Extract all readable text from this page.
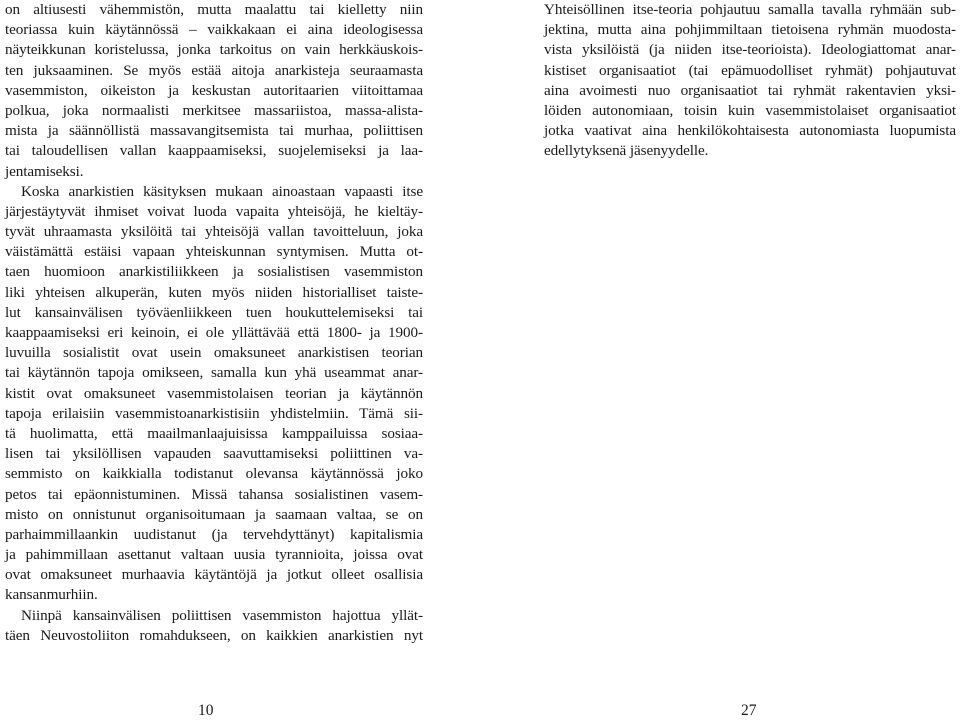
on altiusesti vähemmistön, mutta maalattu tai kielletty niin
teoriassa kuin käytännössä – vaikkakaan ei aina ideologisessa
näyteikkunan koristelussa, jonka tarkoitus on vain herkkäuskois-
ten juksaaminen. Se myös estää aitoja anarkisteja seuraamasta
vasemmiston, oikeiston ja keskustan autoritaarien viitoittamaa
polkua, joka normaalisti merkitsee massariistoa, massa-alista-
mista ja säännöllistä massavangitsemista tai murhaa, poliittisen
tai taloudellisen vallan kaappaamiseksi, suojelemiseksi ja laa-
jentamiseksi.
Koska anarkistien käsityksen mukaan ainoastaan vapaasti itse
järjestäytyvät ihmiset voivat luoda vapaita yhteisöjä, he kieltäy-
tyvät uhraamasta yksilöitä tai yhteisöjä vallan tavoitteluun, joka
väistämättä estäisi vapaan yhteiskunnan syntymisen. Mutta ot-
taen huomioon anarkistiliikkeen ja sosialistisen vasemmiston
liki yhteisen alkuperän, kuten myös niiden historialliset taiste-
lut kansainvälisen työväenliikkeen tuen houkuttelemiseksi tai
kaappaamiseksi eri keinoin, ei ole yllättävää että 1800- ja 1900-
luvuilla sosialistit ovat usein omaksuneet anarkistisen teorian
tai käytännön tapoja omikseen, samalla kun yhä useammat anar-
kistit ovat omaksuneet vasemmistolaisen teorian ja käytännön
tapoja erilaisiin vasemmistoanarkistisiin yhdistelmiin. Tämä sii-
tä huolimatta, että maailmanlaajuisissa kamppailuissa sosiaa-
lisen tai yksilöllisen vapauden saavuttamiseksi poliittinen va-
semmisto on kaikkialla todistanut olevansa käytännössä joko
petos tai epäonnistuminen. Missä tahansa sosialistinen vasem-
misto on onnistunut organisoitumaan ja saamaan valtaa, se on
parhaimmillaankin uudistanut (ja tervehdyttänyt) kapitalismia
ja pahimmillaan asettanut valtaan uusia tyrannioita, joissa ovat
ovat omaksuneet murhaavia käytäntöjä ja jotkut olleet osallisia
kansanmurhiin.
Niinpä kansainvälisen poliittisen vasemmiston hajottua yllät-
täen Neuvostoliiton romahdukseen, on kaikkien anarkistien nyt
Yhteisöllinen itse-teoria pohjautuu samalla tavalla ryhmään sub-
jektina, mutta aina pohjimmiltaan tietoisena ryhmän muodosta-
vista yksilöistä (ja niiden itse-teorioista). Ideologiattomat anar-
kistiset organisaatiot (tai epämuodolliset ryhmät) pohjautuvat
aina avoimesti nuo organisaatiot tai ryhmät rakentavien yksi-
löiden autonomiaan, toisin kuin vasemmistolaiset organisaatiot
jotka vaativat aina henkilökohtaisesta autonomiasta luopumista
edellytyksenä jäsenyydelle.
10	27
